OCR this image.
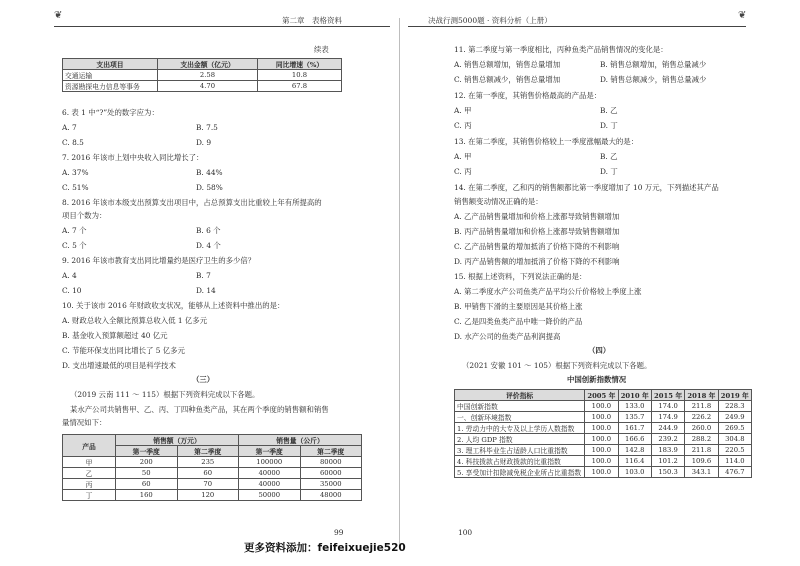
❦	第二章　表格资料	❦
决战行测5000题 · 资料分析（上册）
续表
支出项目	支出金额（亿元）	同比增速（%）
交通运输	2.58	10.8
资源勘探电力信息等事务	4.70	67.8
6. 表 1 中“?”处的数字应为：
A. 7	B. 7.5
C. 8.5	D. 9
7. 2016 年该市上划中央收入同比增长了：
A. 37%	B. 44%
C. 51%	D. 58%
8. 2016 年该市本级支出预算支出项目中，占总预算支出比重较上年有所提高的
项目个数为：
A. 7 个	B. 6 个
C. 5 个	D. 4 个
9. 2016 年该市教育支出同比增量约是医疗卫生的多少倍？
A. 4	B. 7
C. 10	D. 14
10. 关于该市 2016 年财政收支状况，能够从上述资料中推出的是：
A. 财政总收入全额比预算总收入低 1 亿多元
B. 基金收入预算额超过 40 亿元
C. 节能环保支出同比增长了 5 亿多元
D. 支出增速最低的项目是科学技术
（三）
（2019 云南 111 ～ 115）根据下列资料完成以下各题。
某水产公司共销售甲、乙、丙、丁四种鱼类产品，其在两个季度的销售额和销售
量情况如下：
产品	销售额（万元）		销售量（公斤）	
	第一季度	第二季度	第一季度	第二季度
甲	200	235	100000	80000
乙	50	60	40000	60000
丙	60	70	40000	35000
丁	160	120	50000	48000
99
11. 第二季度与第一季度相比，丙种鱼类产品销售情况的变化是：
A. 销售总额增加，销售总量增加	B. 销售总额增加，销售总量减少
C. 销售总额减少，销售总量增加	D. 销售总额减少，销售总量减少
12. 在第一季度，其销售价格最高的产品是：
A. 甲	B. 乙
C. 丙	D. 丁
13. 在第二季度，其销售价格较上一季度涨幅最大的是：
A. 甲	B. 乙
C. 丙	D. 丁
14. 在第二季度，乙和丙的销售额都比第一季度增加了 10 万元，下列描述其产品
销售额变动情况正确的是：
A. 乙产品销售量增加和价格上涨都导致销售额增加
B. 丙产品销售量增加和价格上涨都导致销售额增加
C. 乙产品销售量的增加抵消了价格下降的不利影响
D. 丙产品销售额的增加抵消了价格下降的不利影响
15. 根据上述资料，下列说法正确的是：
A. 第二季度水产公司鱼类产品平均公斤价格较上季度上涨
B. 甲销售下滑的主要原因是其价格上涨
C. 乙是四类鱼类产品中唯一降价的产品
D. 水产公司的鱼类产品利润提高
（四）
（2021 安徽 101 ～ 105）根据下列资料完成以下各题。
中国创新指数情况
评价指标	2005 年	2010 年	2015 年	2018 年	2019 年
中国创新指数	100.0	133.0	174.0	211.8	228.3
一、创新环境指数	100.0	135.7	174.9	226.2	249.9
1. 劳动力中的大专及以上学历人数指数	100.0	161.7	244.9	260.0	269.5
2. 人均 GDP 指数	100.0	166.6	239.2	288.2	304.8
3. 理工科毕业生占适龄人口比重指数	100.0	142.8	183.9	211.8	220.5
4. 科技拨款占财政拨款的比重指数	100.0	116.4	101.2	109.6	114.0
5. 享受加计扣除减免税企业所占比重指数	100.0	103.0	150.3	343.1	476.7
100
更多资料添加：feifeixuejie520
